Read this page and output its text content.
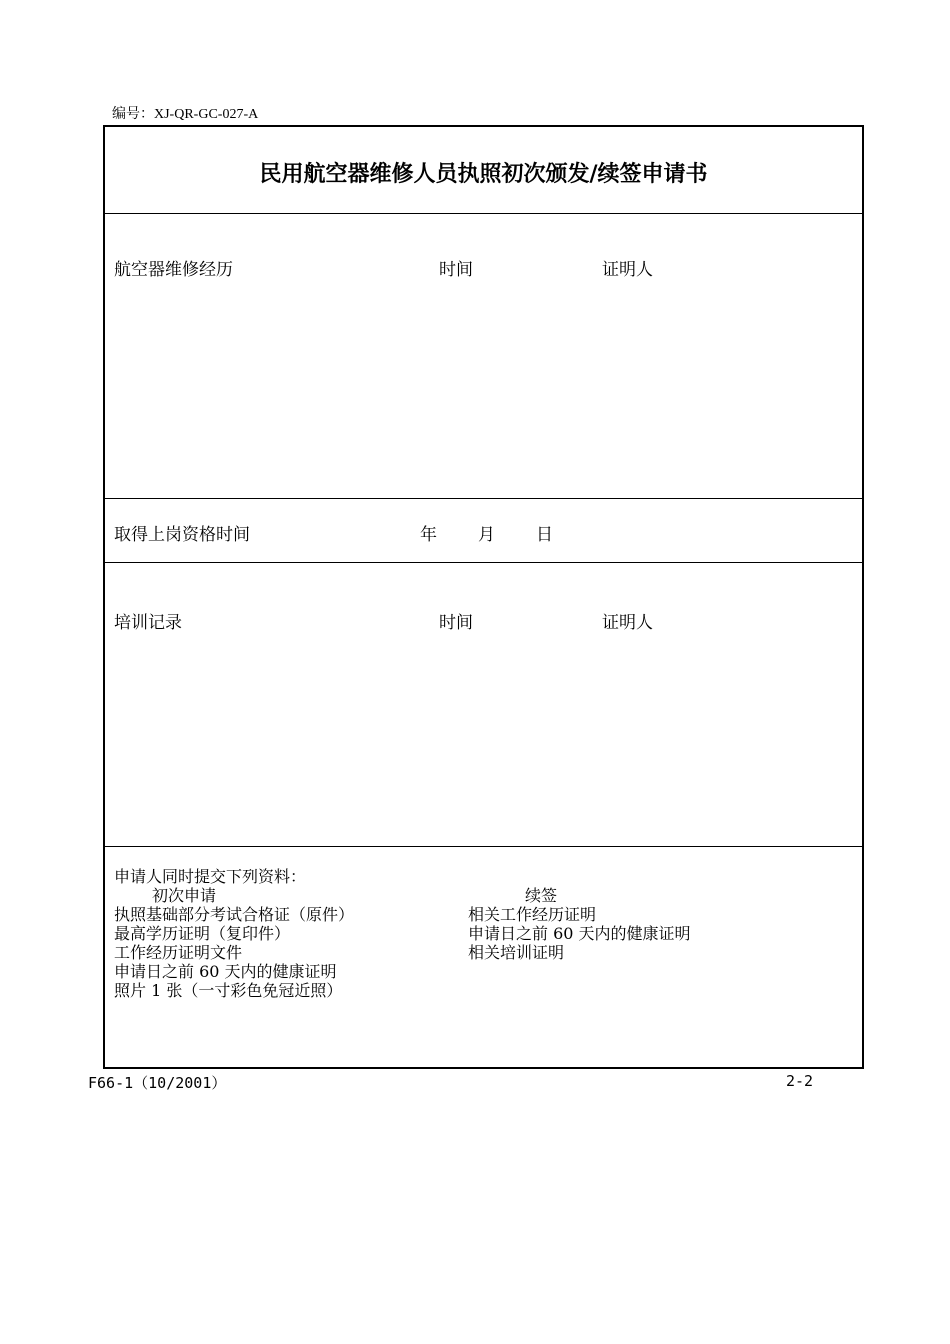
编号：XJ-QR-GC-027-A
民用航空器维修人员执照初次颁发/续签申请书
航空器维修经历	时间	证明人
取得上岗资格时间	年 月 日
培训记录	时间	证明人
申请人同时提交下列资料：
初次申请	续签
执照基础部分考试合格证（原件）
最高学历证明（复印件）
工作经历证明文件
申请日之前 60 天内的健康证明
照片 1 张（一寸彩色免冠近照）
相关工作经历证明
申请日之前 60 天内的健康证明
相关培训证明
F66-1（10/2001）	2-2
